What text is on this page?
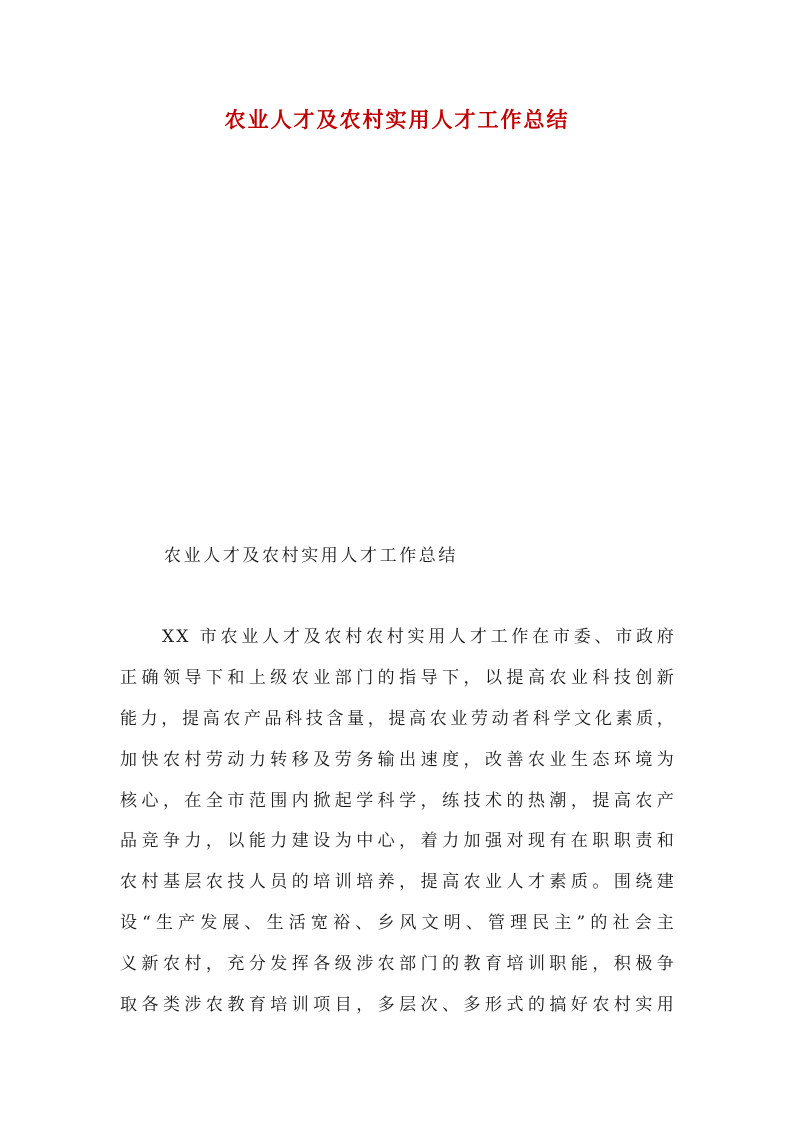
农业人才及农村实用人才工作总结

农业人才及农村实用人才工作总结

XX 市农业人才及农村农村实用人才工作在市委、市政府
正确领导下和上级农业部门的指导下，以提高农业科技创新
能力，提高农产品科技含量，提高农业劳动者科学文化素质，
加快农村劳动力转移及劳务输出速度，改善农业生态环境为
核心，在全市范围内掀起学科学，练技术的热潮，提高农产
品竞争力，以能力建设为中心，着力加强对现有在职职责和
农村基层农技人员的培训培养，提高农业人才素质。围绕建
设“生产发展、生活宽裕、乡风文明、管理民主”的社会主
义新农村，充分发挥各级涉农部门的教育培训职能，积极争
取各类涉农教育培训项目，多层次、多形式的搞好农村实用
